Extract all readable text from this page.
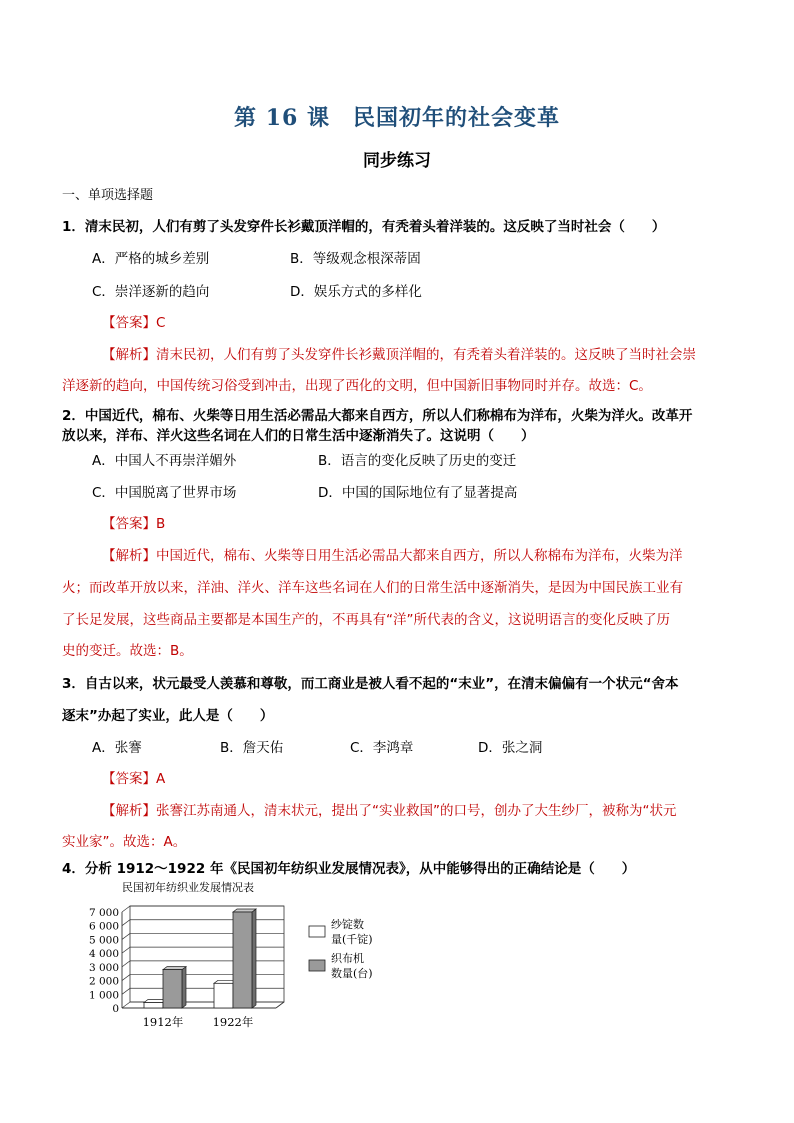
第 16 课　民国初年的社会变革
同步练习
一、单项选择题
1．清末民初，人们有剪了头发穿件长衫戴顶洋帽的，有秃着头着洋装的。这反映了当时社会（　　）
A．严格的城乡差别	B．等级观念根深蒂固
C．崇洋逐新的趋向	D．娱乐方式的多样化
【答案】C
【解析】清末民初，人们有剪了头发穿件长衫戴顶洋帽的，有秃着头着洋装的。这反映了当时社会崇
洋逐新的趋向，中国传统习俗受到冲击，出现了西化的文明，但中国新旧事物同时并存。故选：C。
2．中国近代，棉布、火柴等日用生活必需品大都来自西方，所以人们称棉布为洋布，火柴为洋火。改革开
放以来，洋布、洋火这些名词在人们的日常生活中逐渐消失了。这说明（　　）
A．中国人不再崇洋媚外	B．语言的变化反映了历史的变迁
C．中国脱离了世界市场	D．中国的国际地位有了显著提高
【答案】B
【解析】中国近代，棉布、火柴等日用生活必需品大都来自西方，所以人称棉布为洋布，火柴为洋
火；而改革开放以来，洋油、洋火、洋车这些名词在人们的日常生活中逐渐消失，是因为中国民族工业有
了长足发展，这些商品主要都是本国生产的，不再具有“洋”所代表的含义，这说明语言的变化反映了历
史的变迁。故选：B。
3．自古以来，状元最受人羡慕和尊敬，而工商业是被人看不起的“末业”，在清末偏偏有一个状元“舍本
逐末”办起了实业，此人是（　　）
A．张謇	B．詹天佑	C．李鸿章	D．张之洞
【答案】A
【解析】张謇江苏南通人，清末状元，提出了“实业救国”的口号，创办了大生纱厂，被称为“状元
实业家”。故选：A。
4．分析 1912～1922 年《民国初年纺织业发展情况表》，从中能够得出的正确结论是（　　）
民国初年纺织业发展情况表
7 000
6 000
5 000
4 000
3 000
2 000
1 000
0
1912年	1922年
纱锭数
量(千锭)
织布机
数量(台)
